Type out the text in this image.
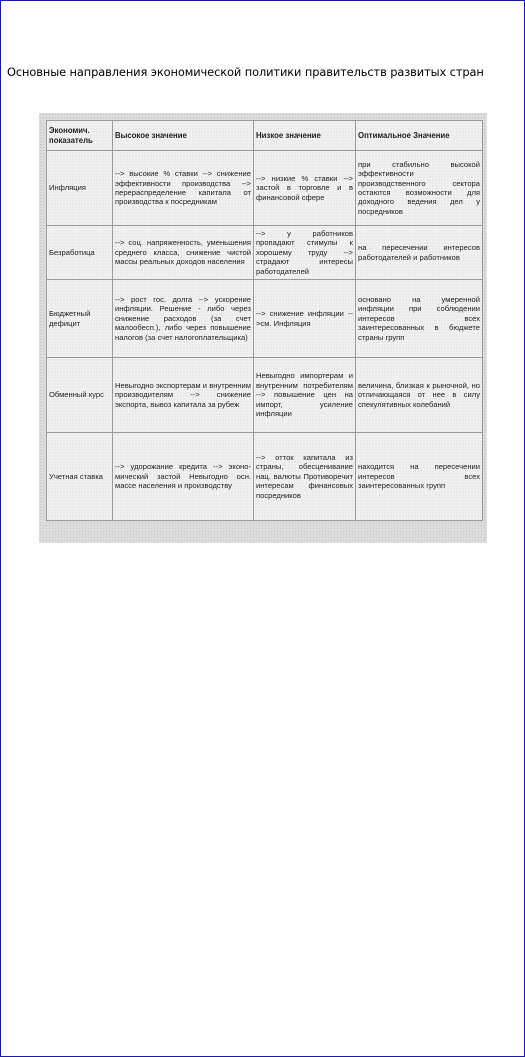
Основные направления экономической политики правительств развитых стран
Экономич. показатель	Высокое значение	Низкое значение	Оптимальное Значение
Инфляция	--> высокие % ставки --> снижение эффективности производства --> перераспределение капитала от производства к посредникам	--> низкие % ставки --> застой в торговле и в финансовой сфере	при стабильно высокой эффективности производственного сектора остаются возможности для доходного ведения дел у посредников
Безработица	--> соц. напряженность, уменьшения среднего класса, снижение чистой массы реальных доходов населения	--> у работников пропадают стимулы к хорошему труду --> страдают интересы работодателей	на пересечении интересов работодателей и работников
Бюджетный дефицит	--> рост гос. долга --> ускорение инфляции. Решение - либо через снижение расходов (за счет малообесп.), либо через повышение налогов (за счет налогоплательщика)	--> снижение инфляции -->см. Инфляция	основано на умеренной инфляции при соблюдении интересов всех заинтересованных в бюджете страны групп
Обменный курс	Невыгодно экспортерам и внутренним производителям --> снижение экспорта, вывоз капитала за рубеж	Невыгодно импортерам и внутренним потребителям --> повышение цен на импорт, усиление инфляции	величина, близкая к рыночной, но отличающаяся от нее в силу спекулятивных колебаний
Учетная ставка	--> удорожание кредита --> эконо-мический застой Невыгодно осн. массе населения и производству	--> отток капитала из страны, обесценивание нац. валюты Противоречит интересам финансовых посредников	находится на пересечении интересов всех заинтересованных групп
